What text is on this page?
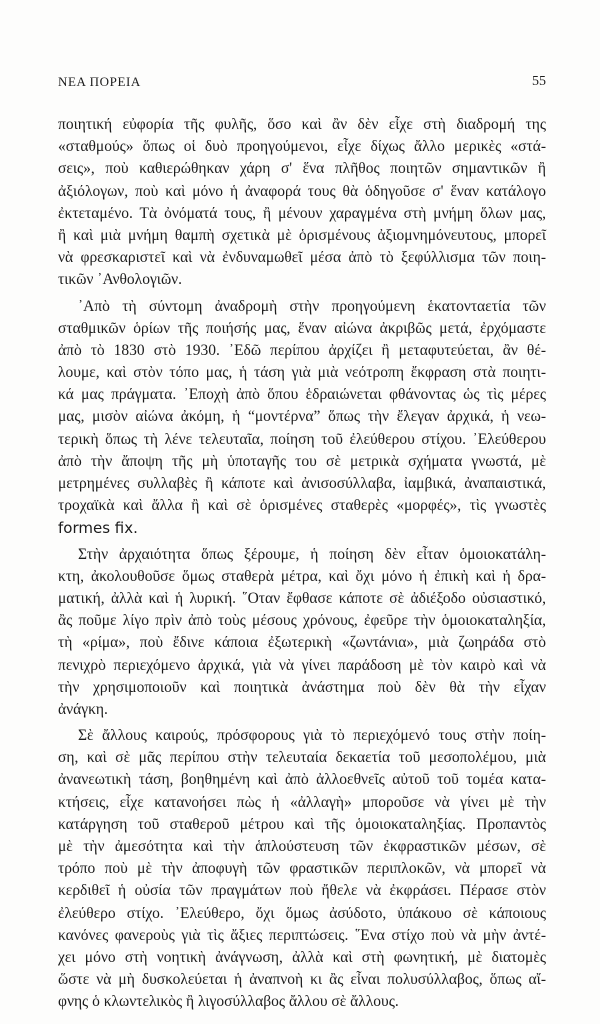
ΝΕΑ ΠΟΡΕΙΑ	55
ποιητική εὐφορία τῆς φυλῆς, ὅσο καὶ ἂν δὲν εἶχε στὴ διαδρομή της
«σταθμούς» ὅπως οἱ δυὸ προηγούμενοι, εἶχε δίχως ἄλλο μερικὲς «στά-
σεις», ποὺ καθιερώθηκαν χάρη σ' ἕνα πλῆθος ποιητῶν σημαντικῶν ἢ
ἀξιόλογων, ποὺ καὶ μόνο ἡ ἀναφορά τους θὰ ὁδηγοῦσε σ' ἕναν κατάλογο
ἐκτεταμένο. Τὰ ὀνόματά τους, ἢ μένουν χαραγμένα στὴ μνήμη ὅλων μας,
ἢ καὶ μιὰ μνήμη θαμπὴ σχετικὰ μὲ ὁρισμένους ἀξιομνημόνευτους, μπορεῖ
νὰ φρεσκαριστεῖ καὶ νὰ ἐνδυναμωθεῖ μέσα ἀπὸ τὸ ξεφύλλισμα τῶν ποιη-
τικῶν ᾿Ανθολογιῶν.
᾿Απὸ τὴ σύντομη ἀναδρομὴ στὴν προηγούμενη ἑκατονταετία τῶν
σταθμικῶν ὁρίων τῆς ποιήσής μας, ἕναν αἰώνα ἀκριβῶς μετά, ἐρχόμαστε
ἀπὸ τὸ 1830 στὸ 1930. ᾿Εδῶ περίπου ἀρχίζει ἢ μεταφυτεύεται, ἂν θέ-
λουμε, καὶ στὸν τόπο μας, ἡ τάση γιὰ μιὰ νεότροπη ἔκφραση στὰ ποιητι-
κά μας πράγματα. ᾿Εποχὴ ἀπὸ ὅπου ἑδραιώνεται φθάνοντας ὡς τὶς μέρες
μας, μισὸν αἰώνα ἀκόμη, ἡ “μοντέρνα” ὅπως τὴν ἔλεγαν ἀρχικά, ἡ νεω-
τερικὴ ὅπως τὴ λένε τελευταῖα, ποίηση τοῦ ἐλεύθερου στίχου. ᾿Ελεύθερου
ἀπὸ τὴν ἄποψη τῆς μὴ ὑποταγῆς του σὲ μετρικὰ σχήματα γνωστά, μὲ
μετρημένες συλλαβὲς ἢ κάποτε καὶ ἀνισοσύλλαβα, ἰαμβικά, ἀναπαιστικά,
τροχαϊκὰ καὶ ἄλλα ἢ καὶ σὲ ὁρισμένες σταθερὲς «μορφές», τὶς γνωστὲς
formes fix.
Στὴν ἀρχαιότητα ὅπως ξέρουμε, ἡ ποίηση δὲν εἶταν ὁμοιοκατάλη-
κτη, ἀκολουθοῦσε ὅμως σταθερὰ μέτρα, καὶ ὄχι μόνο ἡ ἐπικὴ καὶ ἡ δρα-
ματική, ἀλλὰ καὶ ἡ λυρική. ῞Οταν ἔφθασε κάποτε σὲ ἀδιέξοδο οὐσιαστικό,
ἂς ποῦμε λίγο πρὶν ἀπὸ τοὺς μέσους χρόνους, ἐφεῦρε τὴν ὁμοιοκαταληξία,
τὴ «ρίμα», ποὺ ἔδινε κάποια ἐξωτερικὴ «ζωντάνια», μιὰ ζωηράδα στὸ
πενιχρὸ περιεχόμενο ἀρχικά, γιὰ νὰ γίνει παράδοση μὲ τὸν καιρὸ καὶ νὰ
τὴν χρησιμοποιοῦν καὶ ποιητικὰ ἀνάστημα ποὺ δὲν θὰ τὴν εἶχαν
ἀνάγκη.
Σὲ ἄλλους καιρούς, πρόσφορους γιὰ τὸ περιεχόμενό τους στὴν ποίη-
ση, καὶ σὲ μᾶς περίπου στὴν τελευταία δεκαετία τοῦ μεσοπολέμου, μιὰ
ἀνανεωτικὴ τάση, βοηθημένη καὶ ἀπὸ ἀλλοεθνεῖς αὐτοῦ τοῦ τομέα κατα-
κτήσεις, εἶχε κατανοήσει πὼς ἡ «ἀλλαγὴ» μποροῦσε νὰ γίνει μὲ τὴν
κατάργηση τοῦ σταθεροῦ μέτρου καὶ τῆς ὁμοιοκαταληξίας. Προπαντὸς
μὲ τὴν ἀμεσότητα καὶ τὴν ἁπλούστευση τῶν ἐκφραστικῶν μέσων, σὲ
τρόπο ποὺ μὲ τὴν ἀποφυγὴ τῶν φραστικῶν περιπλοκῶν, νὰ μπορεῖ νὰ
κερδιθεῖ ἡ οὐσία τῶν πραγμάτων ποὺ ἤθελε νὰ ἐκφράσει. Πέρασε στὸν
ἐλεύθερο στίχο. ᾿Ελεύθερο, ὄχι ὅμως ἀσύδοτο, ὑπάκουο σὲ κάποιους
κανόνες φανεροὺς γιὰ τὶς ἄξιες περιπτώσεις. ῞Ενα στίχο ποὺ νὰ μὴν ἀντέ-
χει μόνο στὴ νοητικὴ ἀνάγνωση, ἀλλὰ καὶ στὴ φωνητική, μὲ διατομὲς
ὥστε νὰ μὴ δυσκολεύεται ἡ ἀναπνοὴ κι ἂς εἶναι πολυσύλλαβος, ὅπως αἴ-
φνης ὁ κλωντελικὸς ἢ λιγοσύλλαβος ἄλλου σὲ ἄλλους.
